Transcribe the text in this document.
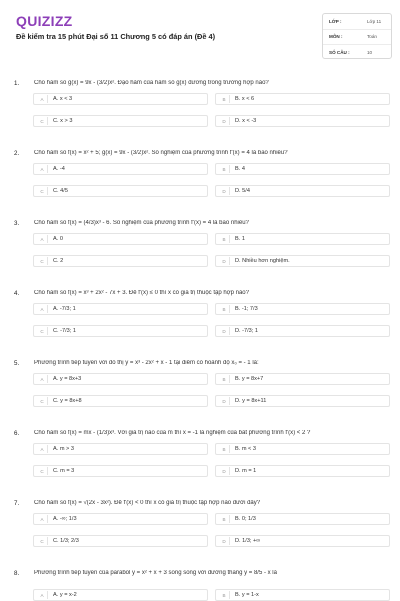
QUIZIZZ
Đề kiểm tra 15 phút Đại số 11 Chương 5 có đáp án (Đề 4)
LỚP :	Lớp 11
MÔN :	Toán
SỐ CÂU :	10
1. Cho hàm số g(x) = 9x - (3/2)x². Đạo hàm của hàm số g(x) dương trong trường hợp nào?
A	A. x < 3	B	B. x < 6
C	C. x > 3	D	D. x < -3
2. Cho hàm số f(x) = x² + 5; g(x) = 9x - (3/2)x². Số nghiệm của phương trình f'(x) = 4 là bao nhiêu?
A	A. -4	B	B. 4
C	C. 4/5	D	D. 5/4
3. Cho hàm số f(x) = (4/3)x³ - 6. Số nghiệm của phương trình f'(x) = 4 là bao nhiêu?
A	A. 0	B	B. 1
C	C. 2	D	D. Nhiều hơn nghiệm.
4. Cho hàm số f(x) = x³ + 2x² - 7x + 3. Để f'(x) ≤ 0 thì x có giá trị thuộc tập hợp nào?
A	A. -7/3; 1	B	B. -1; 7/3
C	C. -7/3; 1	D	D. -7/3; 1
5. Phương trình tiếp tuyến với đồ thị y = x³ - 2x² + x - 1 tại điểm có hoành độ x₀ = - 1 là:
A	A. y = 8x+3	B	B. y = 8x+7
C	C. y = 8x+8	D	D. y = 8x+11
6. Cho hàm số f(x) = mx - (1/3)x³. Với giá trị nào của m thì x = -1 là nghiệm của bất phương trình f'(x) < 2 ?
A	A. m > 3	B	B. m < 3
C	C. m = 3	D	D. m = 1
7. Cho hàm số f(x) = √(2x - 3x²). Để f'(x) < 0 thì x có giá trị thuộc tập hợp nào dưới đây?
A	A. -∞; 1/3	B	B. 0; 1/3
C	C. 1/3; 2/3	D	D. 1/3; +∞
8. Phương trình tiếp tuyến của parabol y = x² + x + 3 song song với đường thẳng y = 8/5 - x là
A	A. y = x-2	B	B. y = 1-x
